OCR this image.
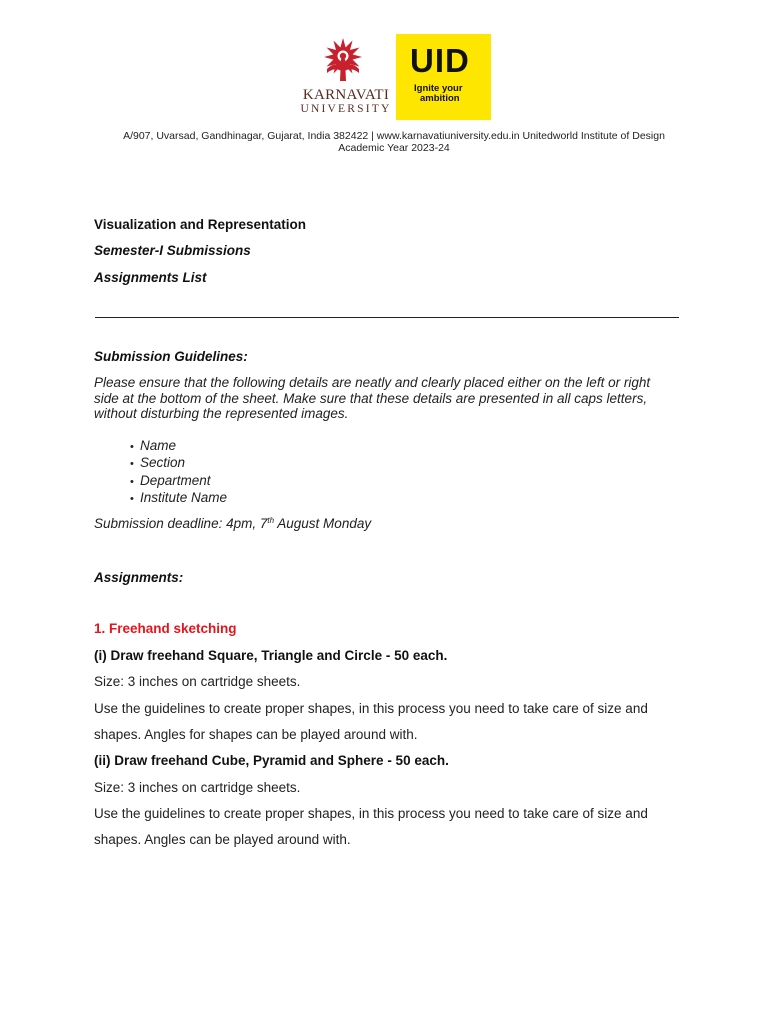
KARNAVATI
UNIVERSITY
UID
Ignite your
ambition
A/907, Uvarsad, Gandhinagar, Gujarat, India 382422 | www.karnavatiuniversity.edu.in Unitedworld Institute of Design
Academic Year 2023-24
Visualization and Representation
Semester-I Submissions
Assignments List
Submission Guidelines:
Please ensure that the following details are neatly and clearly placed either on the left or right
side at the bottom of the sheet. Make sure that these details are presented in all caps letters,
without disturbing the represented images.
• Name
• Section
• Department
• Institute Name
Submission deadline: 4pm, 7th August Monday
Assignments:
1. Freehand sketching
(i) Draw freehand Square, Triangle and Circle - 50 each.
Size: 3 inches on cartridge sheets.
Use the guidelines to create proper shapes, in this process you need to take care of size and
shapes. Angles for shapes can be played around with.
(ii) Draw freehand Cube, Pyramid and Sphere - 50 each.
Size: 3 inches on cartridge sheets.
Use the guidelines to create proper shapes, in this process you need to take care of size and
shapes. Angles can be played around with.
